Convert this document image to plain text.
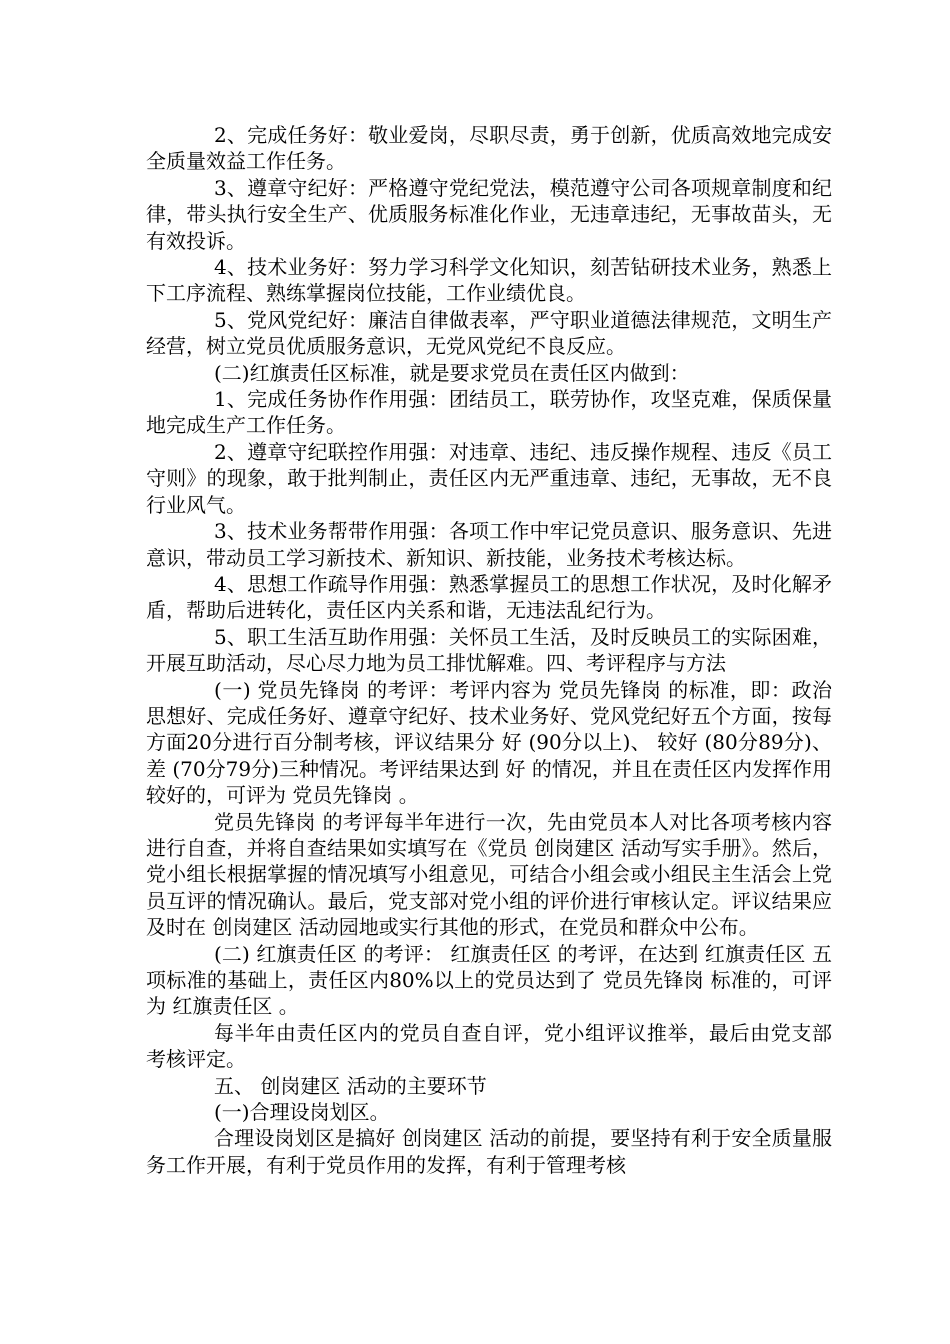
2、完成任务好：敬业爱岗，尽职尽责，勇于创新，优质高效地完成安全质量效益工作任务。

3、遵章守纪好：严格遵守党纪党法，模范遵守公司各项规章制度和纪律，带头执行安全生产、优质服务标准化作业，无违章违纪，无事故苗头，无有效投诉。

4、技术业务好：努力学习科学文化知识，刻苦钻研技术业务，熟悉上下工序流程、熟练掌握岗位技能，工作业绩优良。

5、党风党纪好：廉洁自律做表率，严守职业道德法律规范，文明生产经营，树立党员优质服务意识，无党风党纪不良反应。

(二)红旗责任区标准，就是要求党员在责任区内做到：

1、完成任务协作作用强：团结员工，联劳协作，攻坚克难，保质保量地完成生产工作任务。

2、遵章守纪联控作用强：对违章、违纪、违反操作规程、违反《员工守则》的现象，敢于批判制止，责任区内无严重违章、违纪，无事故，无不良行业风气。

3、技术业务帮带作用强：各项工作中牢记党员意识、服务意识、先进意识，带动员工学习新技术、新知识、新技能，业务技术考核达标。

4、思想工作疏导作用强：熟悉掌握员工的思想工作状况，及时化解矛盾，帮助后进转化，责任区内关系和谐，无违法乱纪行为。

5、职工生活互助作用强：关怀员工生活，及时反映员工的实际困难，开展互助活动，尽心尽力地为员工排忧解难。四、考评程序与方法

(一) 党员先锋岗 的考评：考评内容为 党员先锋岗 的标准，即：政治思想好、完成任务好、遵章守纪好、技术业务好、党风党纪好五个方面，按每方面20分进行百分制考核，评议结果分 好 (90分以上)、 较好 (80分89分)、 差 (70分79分)三种情况。考评结果达到 好 的情况，并且在责任区内发挥作用较好的，可评为 党员先锋岗 。

党员先锋岗 的考评每半年进行一次，先由党员本人对比各项考核内容进行自查，并将自查结果如实填写在《党员 创岗建区 活动写实手册》。然后，党小组长根据掌握的情况填写小组意见，可结合小组会或小组民主生活会上党员互评的情况确认。最后，党支部对党小组的评价进行审核认定。评议结果应及时在 创岗建区 活动园地或实行其他的形式，在党员和群众中公布。

(二) 红旗责任区 的考评： 红旗责任区 的考评，在达到 红旗责任区 五项标准的基础上，责任区内80%以上的党员达到了 党员先锋岗 标准的，可评为 红旗责任区 。

每半年由责任区内的党员自查自评，党小组评议推举，最后由党支部考核评定。

五、 创岗建区 活动的主要环节

(一)合理设岗划区。

合理设岗划区是搞好 创岗建区 活动的前提，要坚持有利于安全质量服务工作开展，有利于党员作用的发挥，有利于管理考核
